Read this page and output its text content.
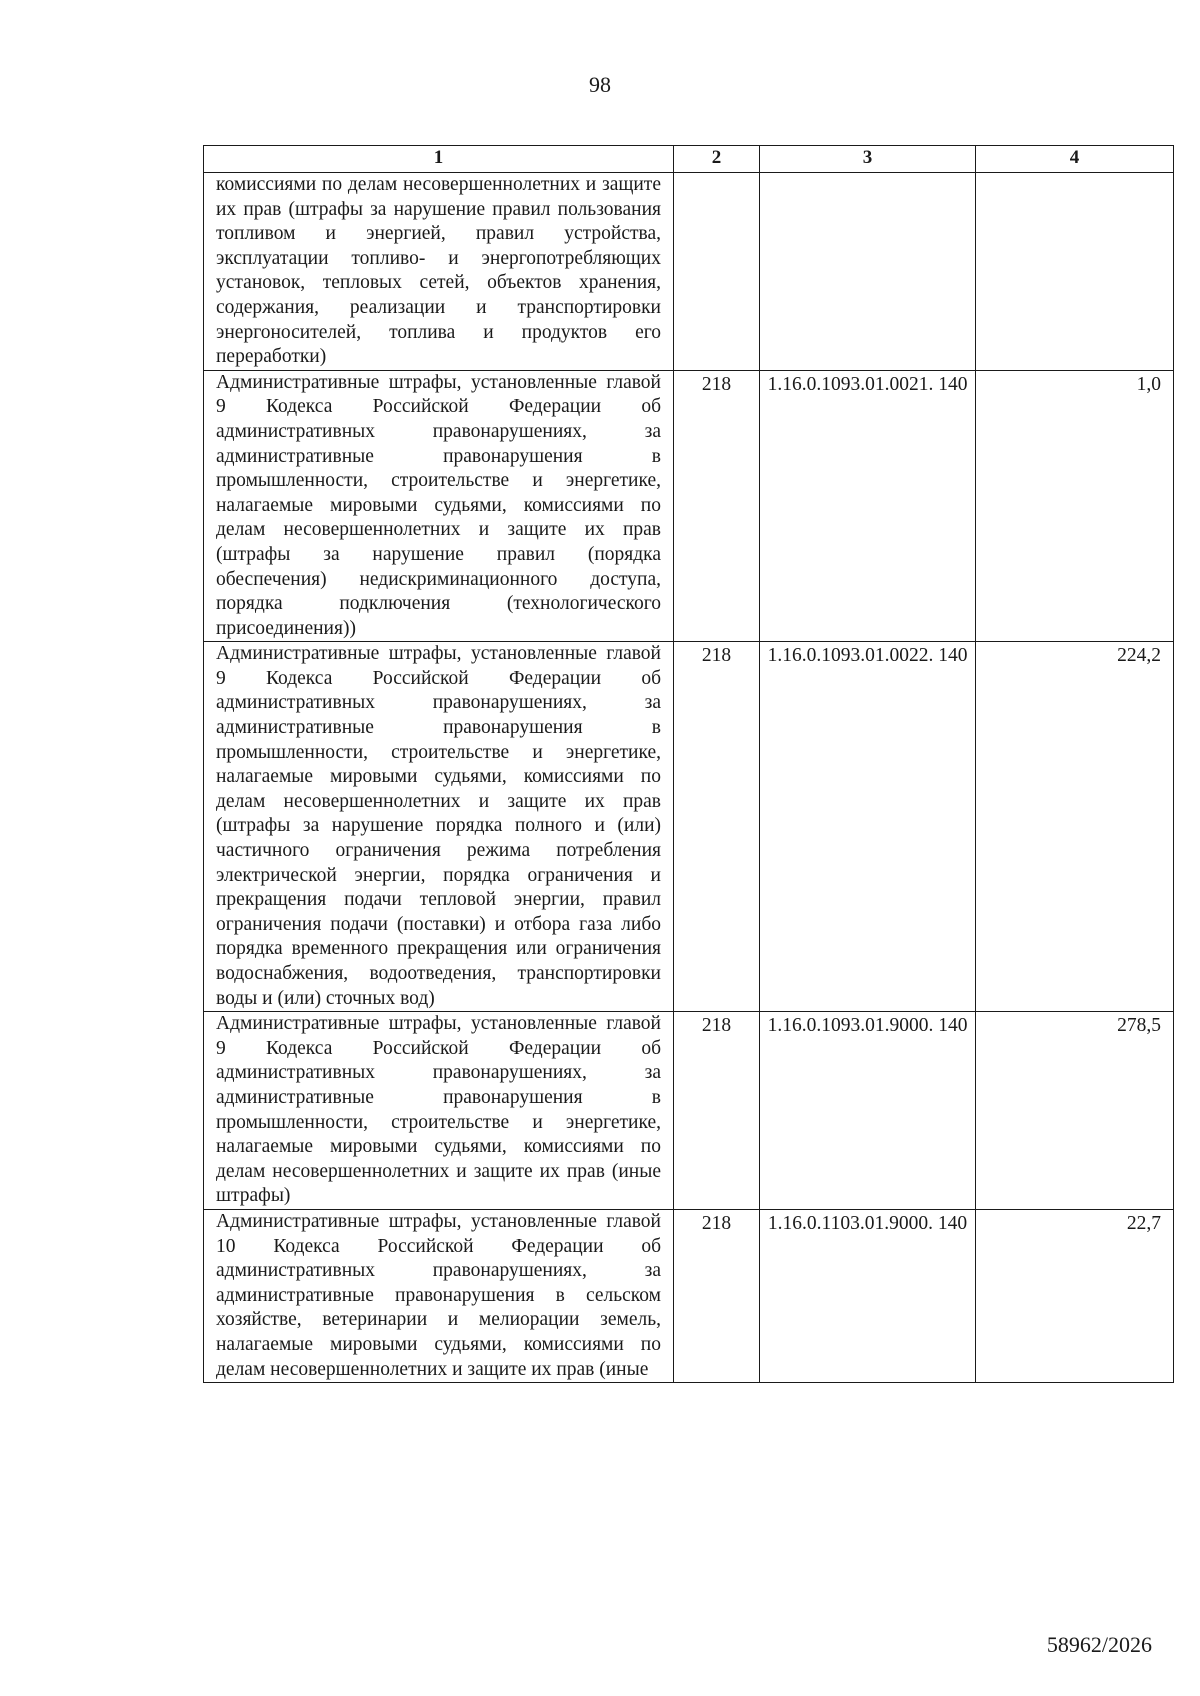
98
1	2	3	4
комиссиями по делам несовершеннолетних и защите их прав (штрафы за нарушение правил пользования топливом и энергией, правил устройства, эксплуатации топливо- и энергопотребляющих установок, тепловых сетей, объектов хранения, содержания, реализации и транспортировки энергоносителей, топлива и продуктов его переработки)			
Административные штрафы, установленные главой 9 Кодекса Российской Федерации об административных правонарушениях, за административные правонарушения в промышленности, строительстве и энергетике, налагаемые мировыми судьями, комиссиями по делам несовершеннолетних и защите их прав (штрафы за нарушение правил (порядка обеспечения) недискриминационного доступа, порядка подключения (технологического присоединения))	218	1.16.0.1093.01.0021. 140	1,0
Административные штрафы, установленные главой 9 Кодекса Российской Федерации об административных правонарушениях, за административные правонарушения в промышленности, строительстве и энергетике, налагаемые мировыми судьями, комиссиями по делам несовершеннолетних и защите их прав (штрафы за нарушение порядка полного и (или) частичного ограничения режима потребления электрической энергии, порядка ограничения и прекращения подачи тепловой энергии, правил ограничения подачи (поставки) и отбора газа либо порядка временного прекращения или ограничения водоснабжения, водоотведения, транспортировки воды и (или) сточных вод)	218	1.16.0.1093.01.0022. 140	224,2
Административные штрафы, установленные главой 9 Кодекса Российской Федерации об административных правонарушениях, за административные правонарушения в промышленности, строительстве и энергетике, налагаемые мировыми судьями, комиссиями по делам несовершеннолетних и защите их прав (иные штрафы)	218	1.16.0.1093.01.9000. 140	278,5
Административные штрафы, установленные главой 10 Кодекса Российской Федерации об административных правонарушениях, за административные правонарушения в сельском хозяйстве, ветеринарии и мелиорации земель, налагаемые мировыми судьями, комиссиями по делам несовершеннолетних и защите их прав (иные	218	1.16.0.1103.01.9000. 140	22,7
58962/2026
